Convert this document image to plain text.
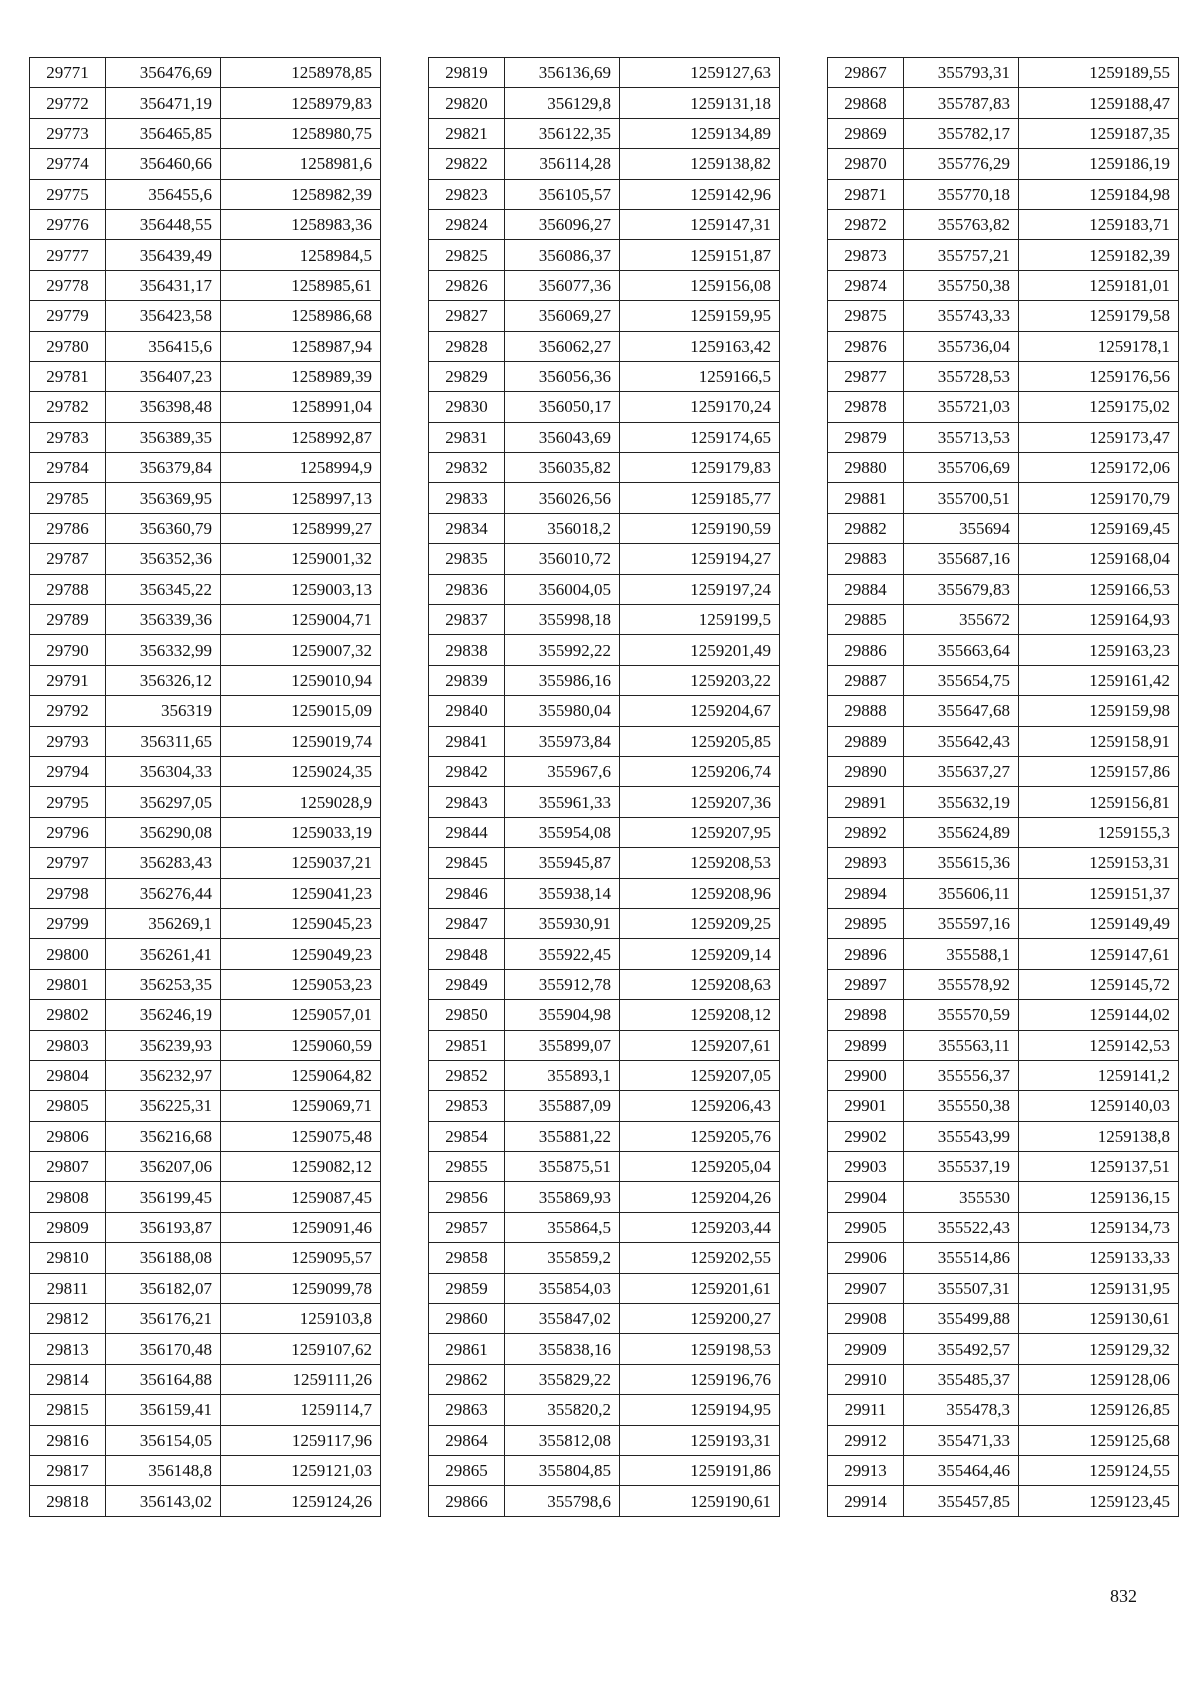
29771	356476,69	1258978,85
29772	356471,19	1258979,83
29773	356465,85	1258980,75
29774	356460,66	1258981,6
29775	356455,6	1258982,39
29776	356448,55	1258983,36
29777	356439,49	1258984,5
29778	356431,17	1258985,61
29779	356423,58	1258986,68
29780	356415,6	1258987,94
29781	356407,23	1258989,39
29782	356398,48	1258991,04
29783	356389,35	1258992,87
29784	356379,84	1258994,9
29785	356369,95	1258997,13
29786	356360,79	1258999,27
29787	356352,36	1259001,32
29788	356345,22	1259003,13
29789	356339,36	1259004,71
29790	356332,99	1259007,32
29791	356326,12	1259010,94
29792	356319	1259015,09
29793	356311,65	1259019,74
29794	356304,33	1259024,35
29795	356297,05	1259028,9
29796	356290,08	1259033,19
29797	356283,43	1259037,21
29798	356276,44	1259041,23
29799	356269,1	1259045,23
29800	356261,41	1259049,23
29801	356253,35	1259053,23
29802	356246,19	1259057,01
29803	356239,93	1259060,59
29804	356232,97	1259064,82
29805	356225,31	1259069,71
29806	356216,68	1259075,48
29807	356207,06	1259082,12
29808	356199,45	1259087,45
29809	356193,87	1259091,46
29810	356188,08	1259095,57
29811	356182,07	1259099,78
29812	356176,21	1259103,8
29813	356170,48	1259107,62
29814	356164,88	1259111,26
29815	356159,41	1259114,7
29816	356154,05	1259117,96
29817	356148,8	1259121,03
29818	356143,02	1259124,26
29819	356136,69	1259127,63
29820	356129,8	1259131,18
29821	356122,35	1259134,89
29822	356114,28	1259138,82
29823	356105,57	1259142,96
29824	356096,27	1259147,31
29825	356086,37	1259151,87
29826	356077,36	1259156,08
29827	356069,27	1259159,95
29828	356062,27	1259163,42
29829	356056,36	1259166,5
29830	356050,17	1259170,24
29831	356043,69	1259174,65
29832	356035,82	1259179,83
29833	356026,56	1259185,77
29834	356018,2	1259190,59
29835	356010,72	1259194,27
29836	356004,05	1259197,24
29837	355998,18	1259199,5
29838	355992,22	1259201,49
29839	355986,16	1259203,22
29840	355980,04	1259204,67
29841	355973,84	1259205,85
29842	355967,6	1259206,74
29843	355961,33	1259207,36
29844	355954,08	1259207,95
29845	355945,87	1259208,53
29846	355938,14	1259208,96
29847	355930,91	1259209,25
29848	355922,45	1259209,14
29849	355912,78	1259208,63
29850	355904,98	1259208,12
29851	355899,07	1259207,61
29852	355893,1	1259207,05
29853	355887,09	1259206,43
29854	355881,22	1259205,76
29855	355875,51	1259205,04
29856	355869,93	1259204,26
29857	355864,5	1259203,44
29858	355859,2	1259202,55
29859	355854,03	1259201,61
29860	355847,02	1259200,27
29861	355838,16	1259198,53
29862	355829,22	1259196,76
29863	355820,2	1259194,95
29864	355812,08	1259193,31
29865	355804,85	1259191,86
29866	355798,6	1259190,61
29867	355793,31	1259189,55
29868	355787,83	1259188,47
29869	355782,17	1259187,35
29870	355776,29	1259186,19
29871	355770,18	1259184,98
29872	355763,82	1259183,71
29873	355757,21	1259182,39
29874	355750,38	1259181,01
29875	355743,33	1259179,58
29876	355736,04	1259178,1
29877	355728,53	1259176,56
29878	355721,03	1259175,02
29879	355713,53	1259173,47
29880	355706,69	1259172,06
29881	355700,51	1259170,79
29882	355694	1259169,45
29883	355687,16	1259168,04
29884	355679,83	1259166,53
29885	355672	1259164,93
29886	355663,64	1259163,23
29887	355654,75	1259161,42
29888	355647,68	1259159,98
29889	355642,43	1259158,91
29890	355637,27	1259157,86
29891	355632,19	1259156,81
29892	355624,89	1259155,3
29893	355615,36	1259153,31
29894	355606,11	1259151,37
29895	355597,16	1259149,49
29896	355588,1	1259147,61
29897	355578,92	1259145,72
29898	355570,59	1259144,02
29899	355563,11	1259142,53
29900	355556,37	1259141,2
29901	355550,38	1259140,03
29902	355543,99	1259138,8
29903	355537,19	1259137,51
29904	355530	1259136,15
29905	355522,43	1259134,73
29906	355514,86	1259133,33
29907	355507,31	1259131,95
29908	355499,88	1259130,61
29909	355492,57	1259129,32
29910	355485,37	1259128,06
29911	355478,3	1259126,85
29912	355471,33	1259125,68
29913	355464,46	1259124,55
29914	355457,85	1259123,45
832
